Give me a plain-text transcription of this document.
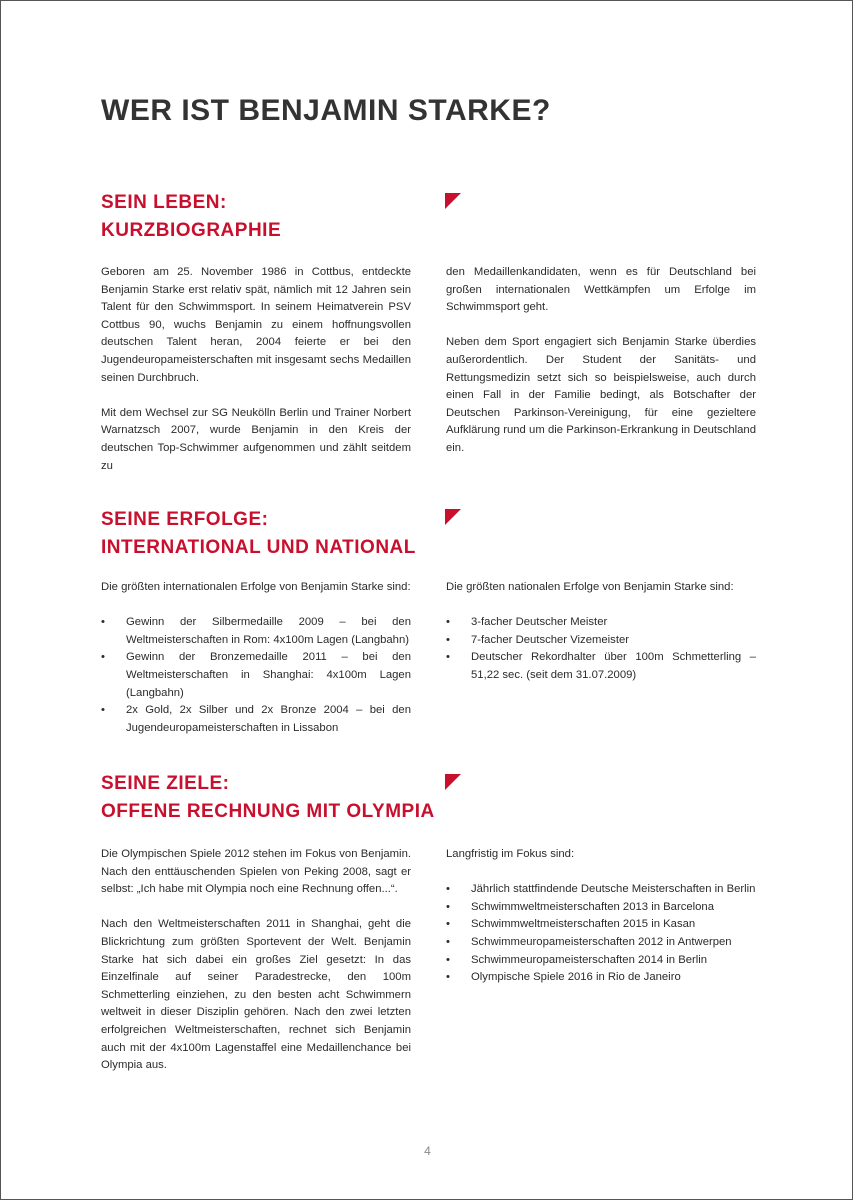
WER IST BENJAMIN STARKE?
SEIN LEBEN:
KURZBIOGRAPHIE

Geboren am 25. November 1986 in Cottbus, entdeckte Benjamin Starke erst relativ spät, nämlich mit 12 Jahren sein Talent für den Schwimmsport. In seinem Heimatverein PSV Cottbus 90, wuchs Benjamin zu einem hoffnungsvollen deutschen Talent heran, 2004 feierte er bei den Jugendeuropameisterschaften mit insgesamt sechs Medaillen seinen Durchbruch.

Mit dem Wechsel zur SG Neukölln Berlin und Trainer Norbert Warnatzsch 2007, wurde Benjamin in den Kreis der deutschen Top-Schwimmer aufgenommen und zählt seitdem zu

den Medaillenkandidaten, wenn es für Deutschland bei großen internationalen Wettkämpfen um Erfolge im Schwimmsport geht.

Neben dem Sport engagiert sich Benjamin Starke überdies außerordentlich. Der Student der Sanitäts- und Rettungsmedizin setzt sich so beispielsweise, auch durch einen Fall in der Familie bedingt, als Botschafter der Deutschen Parkinson-Vereinigung, für eine gezieltere Aufklärung rund um die Parkinson-Erkrankung in Deutschland ein.

SEINE ERFOLGE:
INTERNATIONAL UND NATIONAL
Die größten internationalen Erfolge von Benjamin Starke sind:
• Gewinn der Silbermedaille 2009 – bei den Weltmeisterschaften in Rom: 4x100m Lagen (Langbahn)
• Gewinn der Bronzemedaille 2011 – bei den Weltmeisterschaften in Shanghai: 4x100m Lagen (Langbahn)
• 2x Gold, 2x Silber und 2x Bronze 2004 – bei den Jugendeuropameisterschaften in Lissabon
Die größten nationalen Erfolge von Benjamin Starke sind:
• 3-facher Deutscher Meister
• 7-facher Deutscher Vizemeister
• Deutscher Rekordhalter über 100m Schmetterling – 51,22 sec. (seit dem 31.07.2009)
SEINE ZIELE:
OFFENE RECHNUNG MIT OLYMPIA

Die Olympischen Spiele 2012 stehen im Fokus von Benjamin. Nach den enttäuschenden Spielen von Peking 2008, sagt er selbst: „Ich habe mit Olympia noch eine Rechnung offen...“.

Nach den Weltmeisterschaften 2011 in Shanghai, geht die Blickrichtung zum größten Sportevent der Welt. Benjamin Starke hat sich dabei ein großes Ziel gesetzt: In das Einzelfinale auf seiner Paradestrecke, den 100m Schmetterling einziehen, zu den besten acht Schwimmern weltweit in dieser Disziplin gehören. Nach den zwei letzten erfolgreichen Weltmeisterschaften, rechnet sich Benjamin auch mit der 4x100m Lagenstaffel eine Medaillenchance bei Olympia aus.

Langfristig im Fokus sind:
• Jährlich stattfindende Deutsche Meisterschaften in Berlin
• Schwimmweltmeisterschaften 2013 in Barcelona
• Schwimmweltmeisterschaften 2015 in Kasan
• Schwimmeuropameisterschaften 2012 in Antwerpen
• Schwimmeuropameisterschaften 2014 in Berlin
• Olympische Spiele 2016 in Rio de Janeiro
4
